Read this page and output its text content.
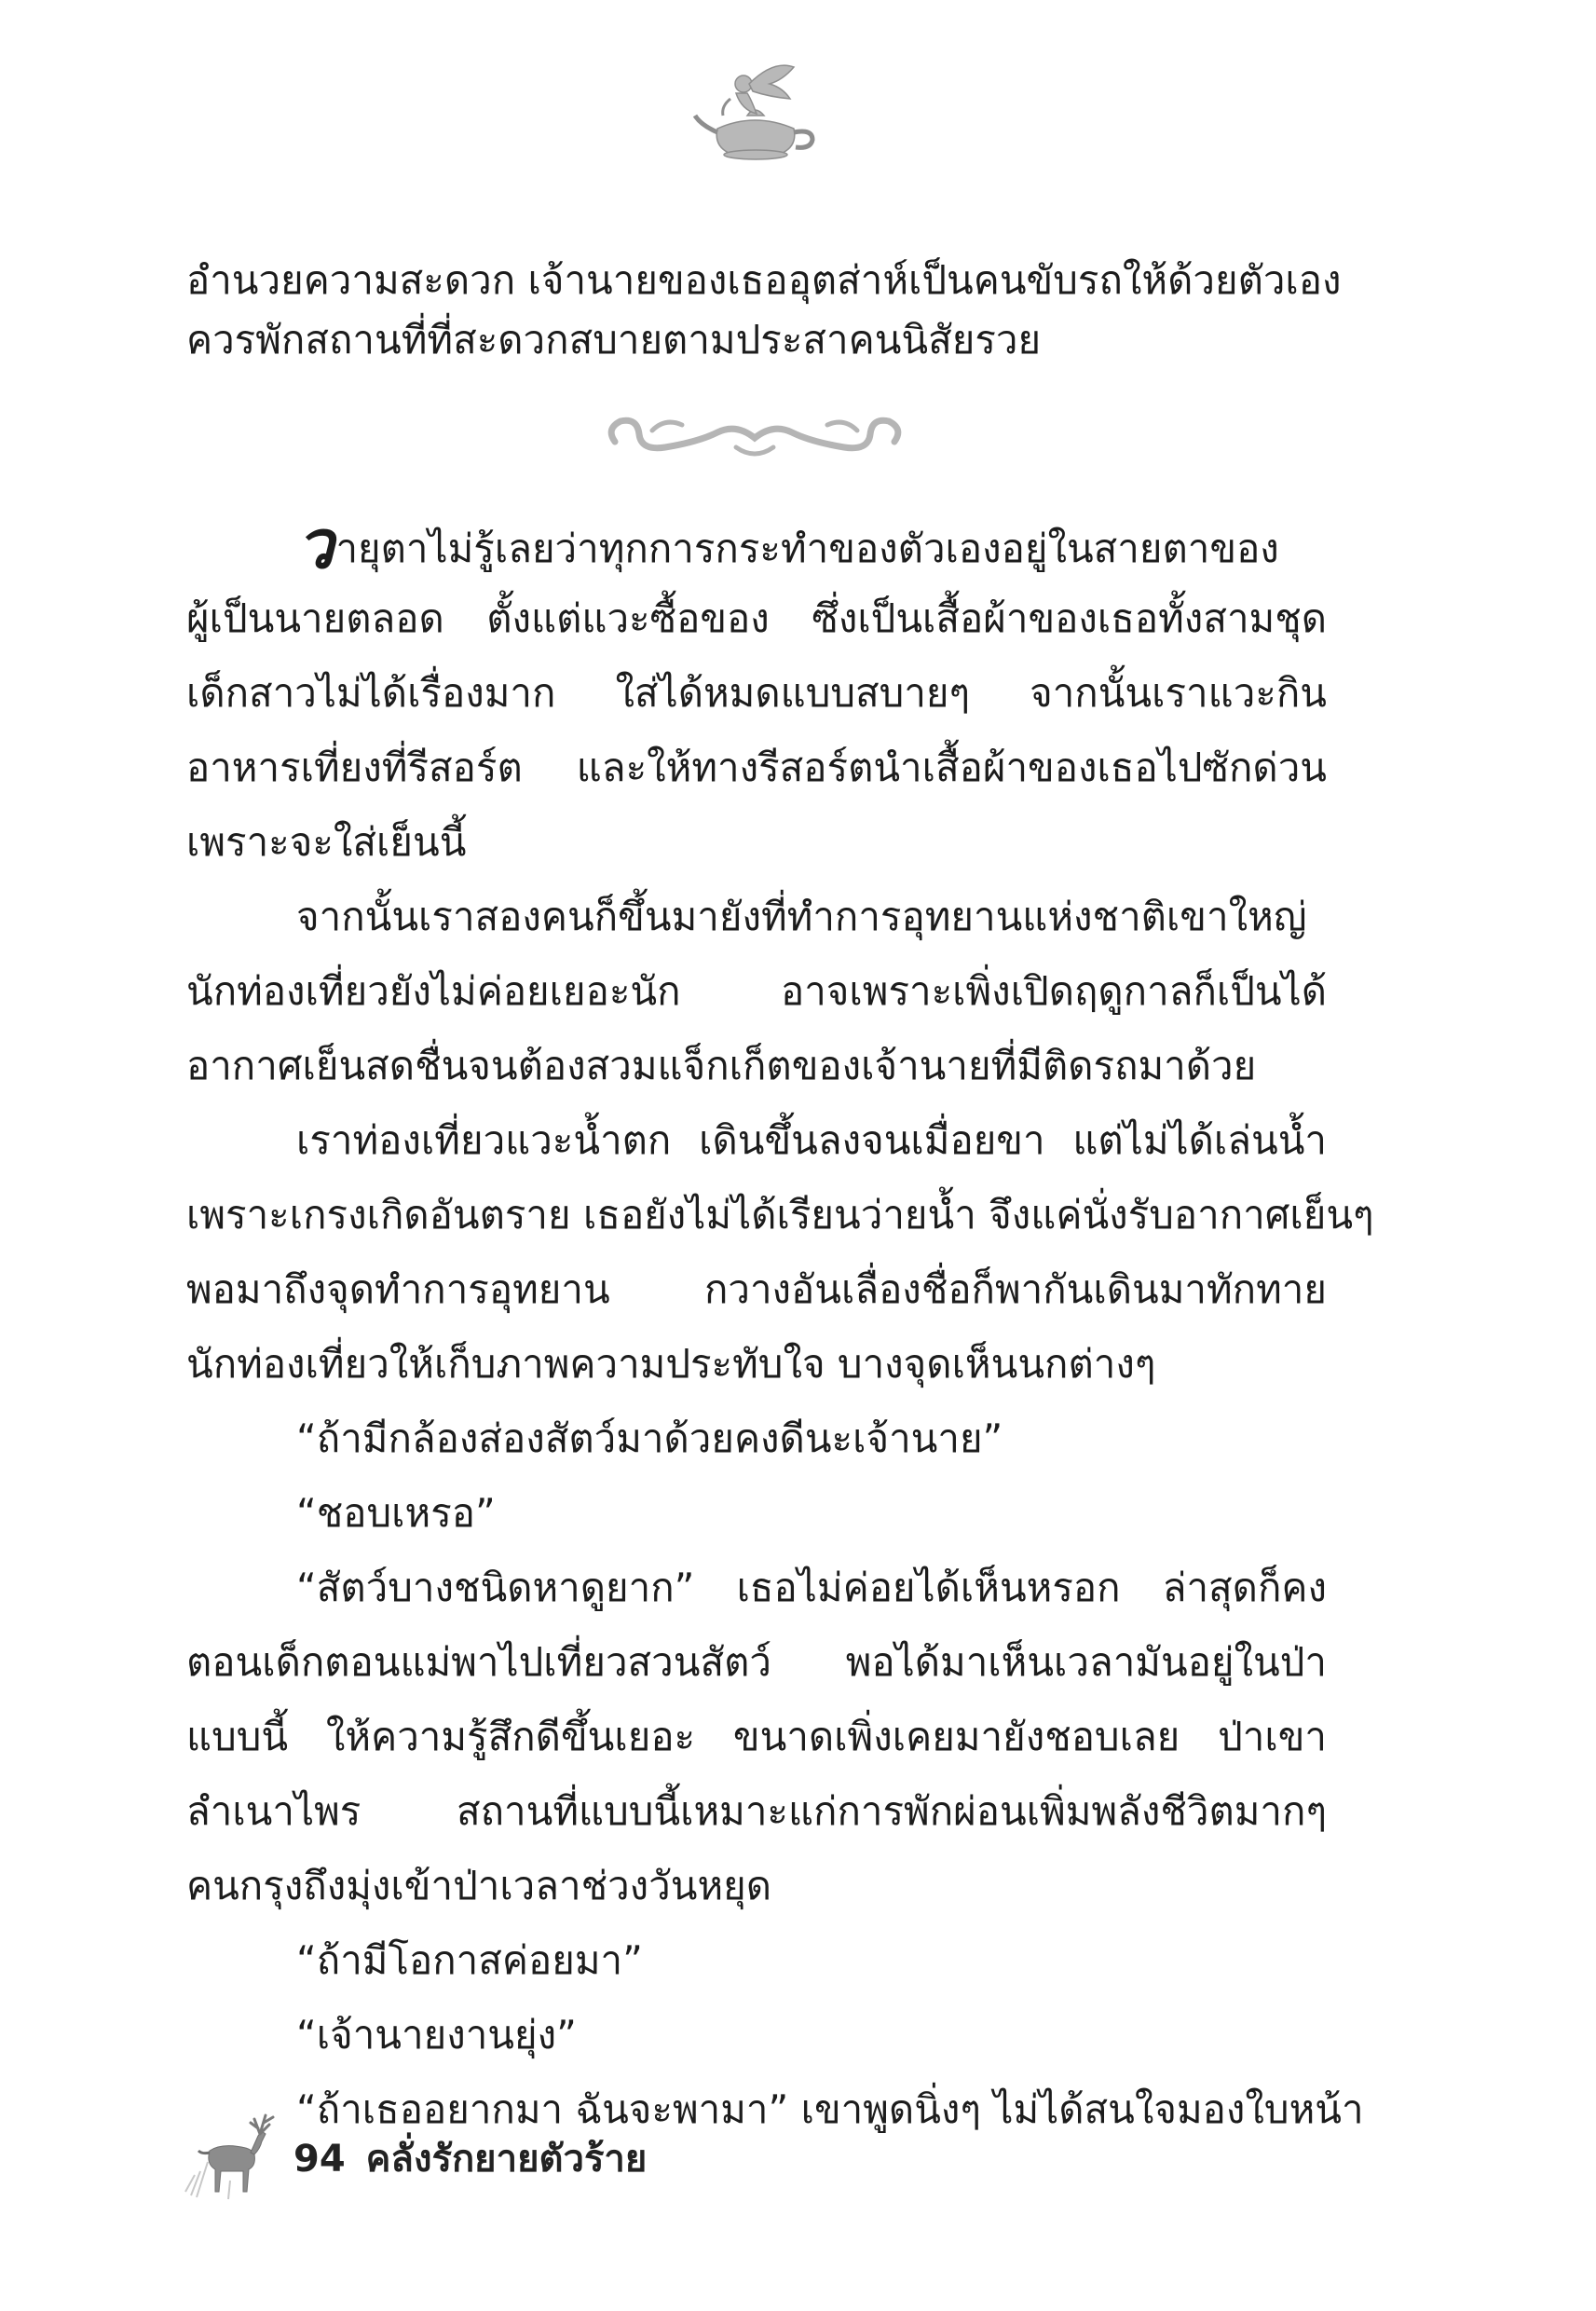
อำนวยความสะดวก เจ้านายของเธออุตส่าห์เป็นคนขับรถให้ด้วยตัวเอง
ควรพักสถานที่ที่สะดวกสบายตามประสาคนนิสัยรวย
วายุตาไม่รู้เลยว่าทุกการกระทำของตัวเองอยู่ในสายตาของ
ผู้เป็นนายตลอด ตั้งแต่แวะซื้อของ ซึ่งเป็นเสื้อผ้าของเธอทั้งสามชุด
เด็กสาวไม่ได้เรื่องมาก ใส่ได้หมดแบบสบายๆ จากนั้นเราแวะกิน
อาหารเที่ยงที่รีสอร์ต และให้ทางรีสอร์ตนำเสื้อผ้าของเธอไปซักด่วน
เพราะจะใส่เย็นนี้
จากนั้นเราสองคนก็ขึ้นมายังที่ทำการอุทยานแห่งชาติเขาใหญ่
นักท่องเที่ยวยังไม่ค่อยเยอะนัก อาจเพราะเพิ่งเปิดฤดูกาลก็เป็นได้
อากาศเย็นสดชื่นจนต้องสวมแจ็กเก็ตของเจ้านายที่มีติดรถมาด้วย
เราท่องเที่ยวแวะน้ำตก เดินขึ้นลงจนเมื่อยขา แต่ไม่ได้เล่นน้ำ
เพราะเกรงเกิดอันตราย เธอยังไม่ได้เรียนว่ายน้ำ จึงแค่นั่งรับอากาศเย็นๆ
พอมาถึงจุดทำการอุทยาน กวางอันเลื่องชื่อก็พากันเดินมาทักทาย
นักท่องเที่ยวให้เก็บภาพความประทับใจ บางจุดเห็นนกต่างๆ
“ถ้ามีกล้องส่องสัตว์มาด้วยคงดีนะเจ้านาย”
“ชอบเหรอ”
“สัตว์บางชนิดหาดูยาก” เธอไม่ค่อยได้เห็นหรอก ล่าสุดก็คง
ตอนเด็กตอนแม่พาไปเที่ยวสวนสัตว์ พอได้มาเห็นเวลามันอยู่ในป่า
แบบนี้ ให้ความรู้สึกดีขึ้นเยอะ ขนาดเพิ่งเคยมายังชอบเลย ป่าเขา
ลำเนาไพร สถานที่แบบนี้เหมาะแก่การพักผ่อนเพิ่มพลังชีวิตมากๆ
คนกรุงถึงมุ่งเข้าป่าเวลาช่วงวันหยุด
“ถ้ามีโอกาสค่อยมา”
“เจ้านายงานยุ่ง”
“ถ้าเธออยากมา ฉันจะพามา” เขาพูดนิ่งๆ ไม่ได้สนใจมองใบหน้า
94 คลั่งรักยายตัวร้าย
